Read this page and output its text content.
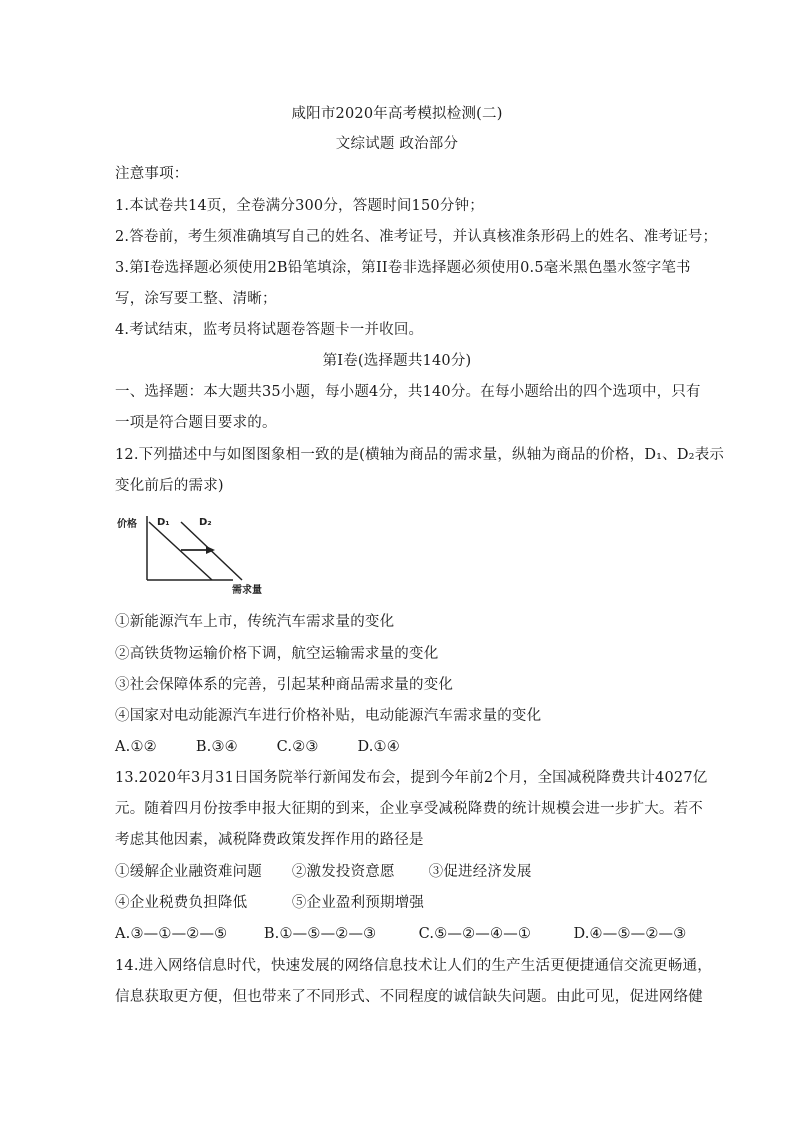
咸阳市2020年高考模拟检测(二)
文综试题 政治部分
注意事项：
1.本试卷共14页，全卷满分300分，答题时间150分钟；
2.答卷前，考生须准确填写自己的姓名、准考证号，并认真核准条形码上的姓名、准考证号；
3.第I卷选择题必须使用2B铅笔填涂，第II卷非选择题必须使用0.5毫米黑色墨水签字笔书
写，涂写要工整、清晰；
4.考试结束，监考员将试题卷答题卡一并收回。
第I卷(选择题共140分)
一、选择题：本大题共35小题，每小题4分，共140分。在每小题给出的四个选项中，只有
一项是符合题目要求的。
12.下列描述中与如图图象相一致的是(横轴为商品的需求量，纵轴为商品的价格，D₁、D₂表示
变化前后的需求)
价格 D₁	D₂
需求量
①新能源汽车上市，传统汽车需求量的变化
②高铁货物运输价格下调，航空运输需求量的变化
③社会保障体系的完善，引起某种商品需求量的变化
④国家对电动能源汽车进行价格补贴，电动能源汽车需求量的变化
A.①②	B.③④	C.②③	D.①④
13.2020年3月31日国务院举行新闻发布会，提到今年前2个月，全国减税降费共计4027亿
元。随着四月份按季申报大征期的到来，企业享受减税降费的统计规模会进一步扩大。若不
考虑其他因素，减税降费政策发挥作用的路径是
①缓解企业融资难问题 ②激发投资意愿 ③促进经济发展
④企业税费负担降低	⑤企业盈利预期增强
A.③—①—②—⑤	B.①—⑤—②—③	C.⑤—②—④—①	D.④—⑤—②—③
14.进入网络信息时代，快速发展的网络信息技术让人们的生产生活更便捷通信交流更畅通，
信息获取更方便，但也带来了不同形式、不同程度的诚信缺失问题。由此可见，促进网络健
